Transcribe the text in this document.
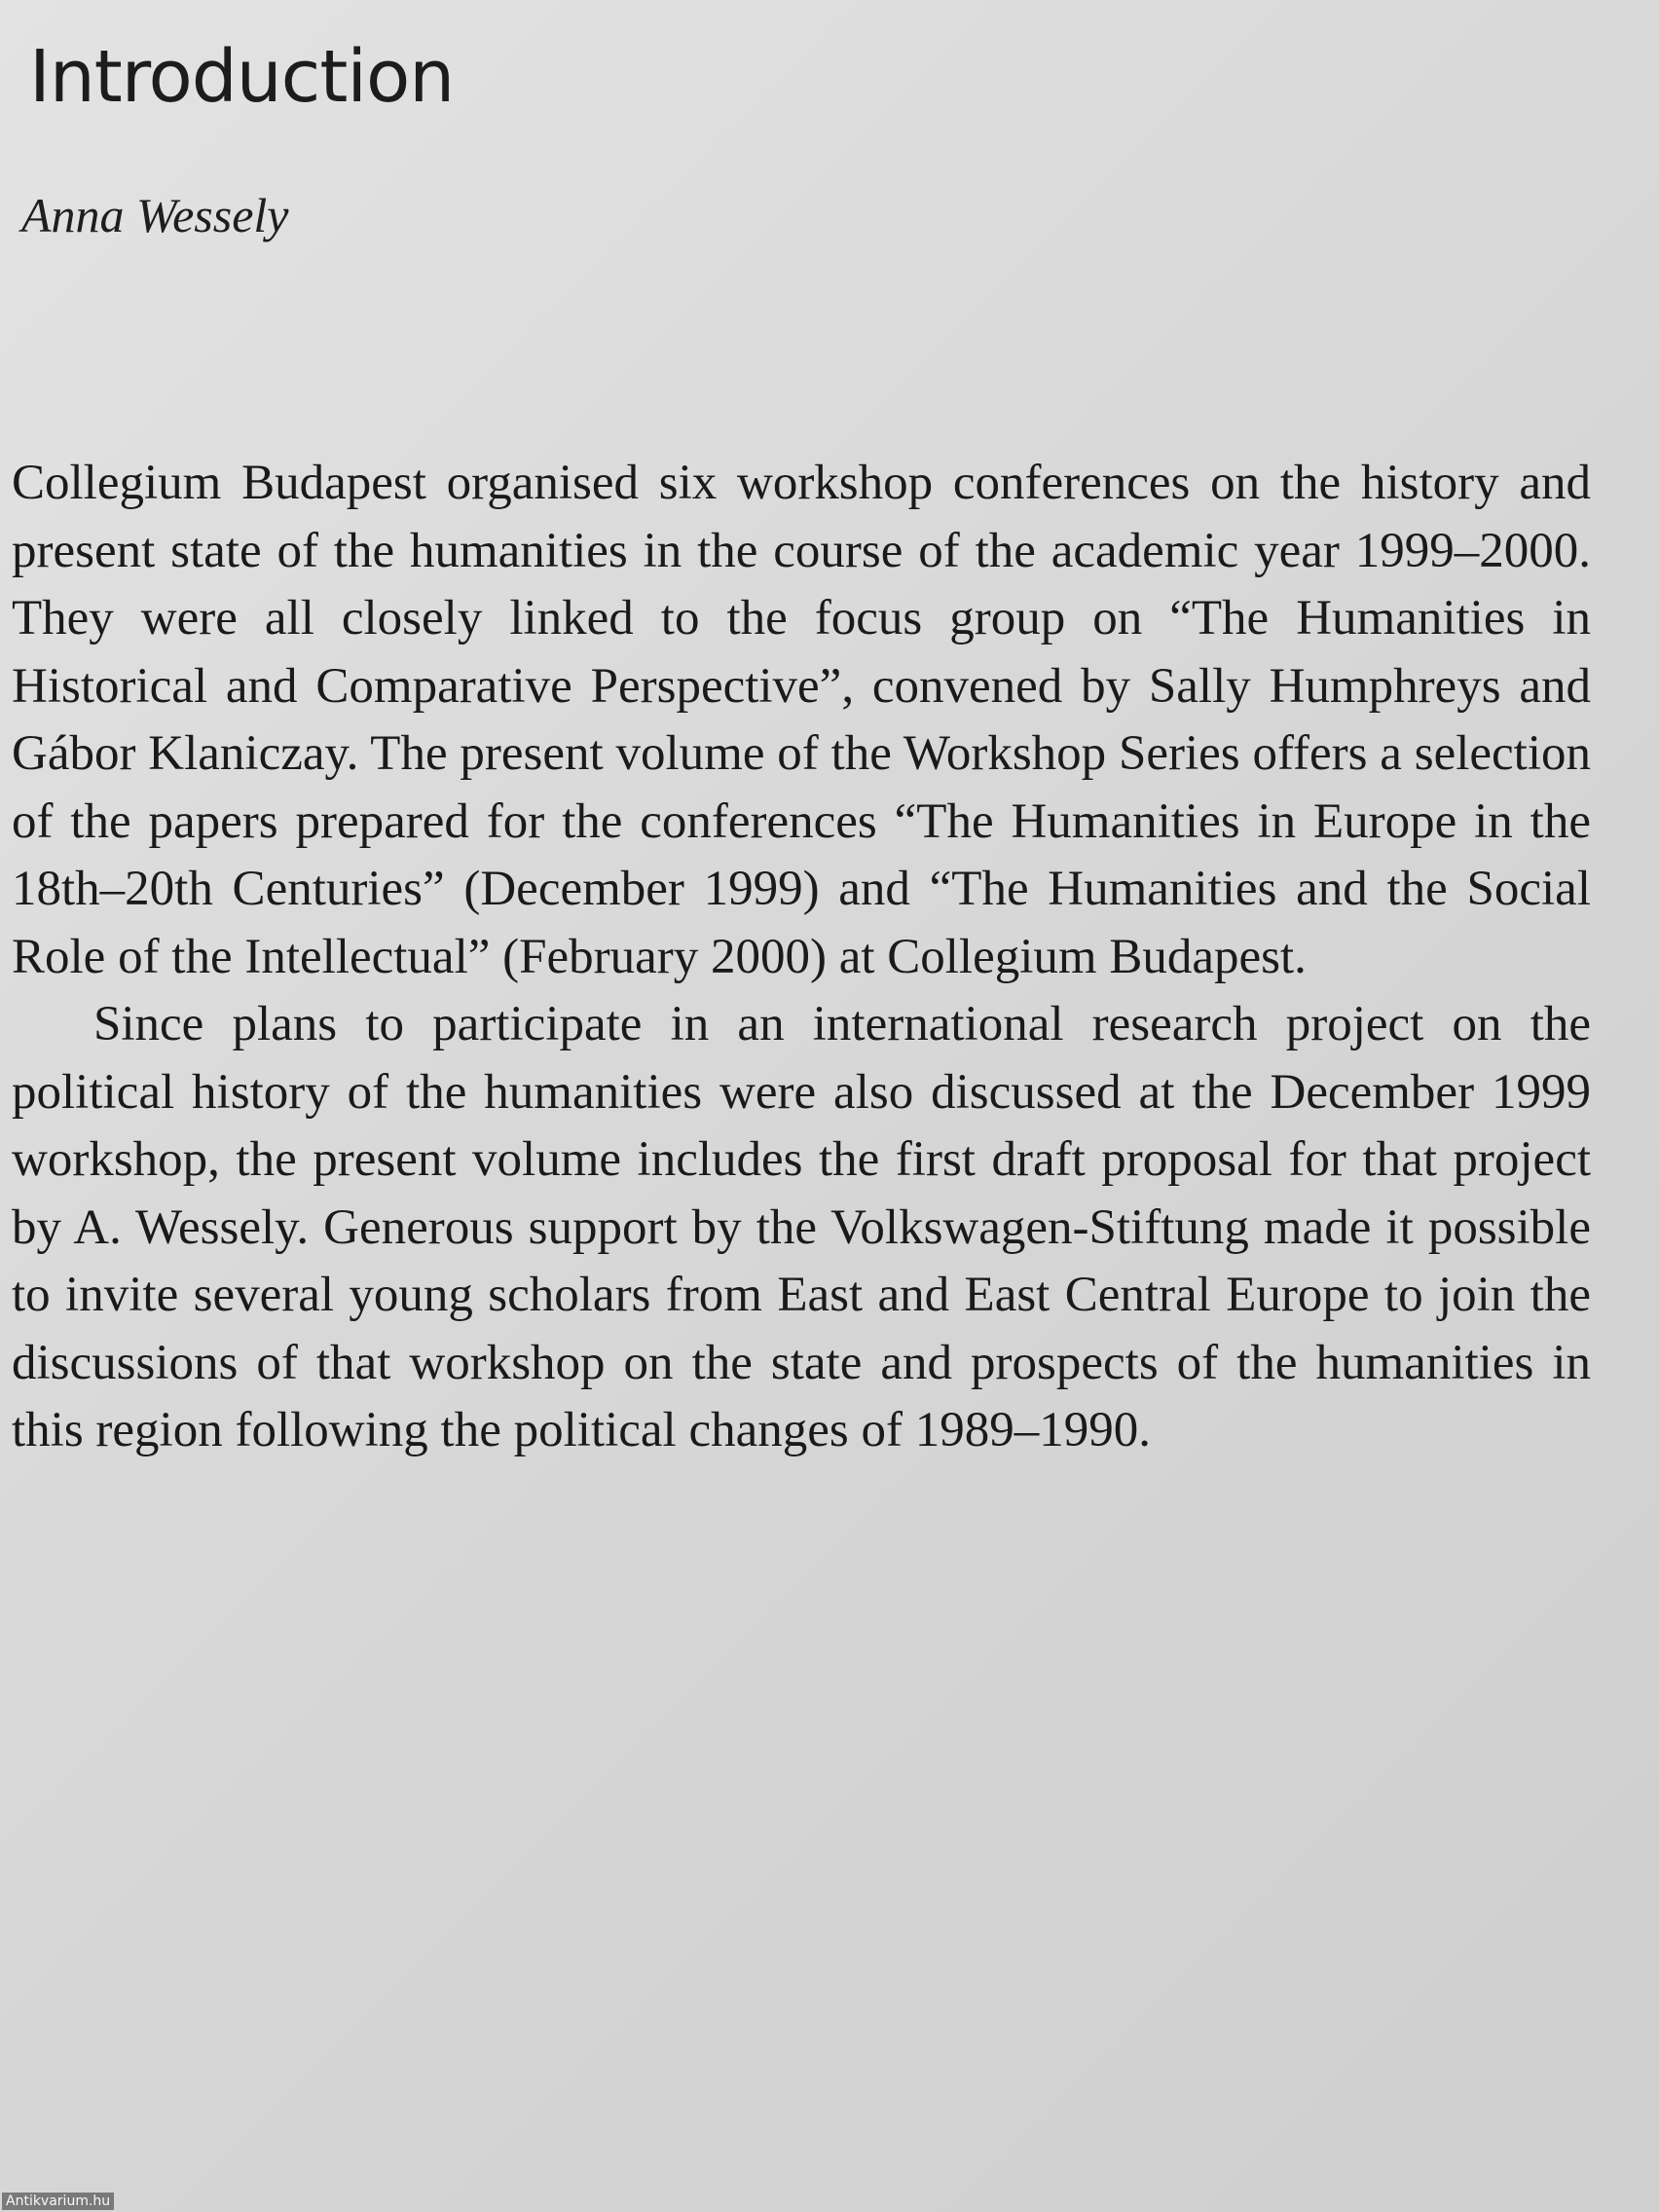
Introduction

Anna Wessely

Collegium Budapest organised six workshop conferences on the history and present state of the humanities in the course of the academic year 1999–2000. They were all closely linked to the focus group on “The Humanities in Historical and Comparative Perspective”, convened by Sally Humphreys and Gábor Klaniczay. The present volume of the Workshop Series offers a selection of the papers prepared for the conferences “The Humanities in Europe in the 18th–20th Centuries” (December 1999) and “The Humanities and the Social Role of the Intellectual” (February 2000) at Collegium Budapest.

Since plans to participate in an international research project on the political history of the humanities were also discussed at the December 1999 workshop, the present volume includes the first draft proposal for that project by A. Wessely. Generous support by the Volkswagen-Stiftung made it possible to invite several young scholars from East and East Central Europe to join the discussions of that workshop on the state and prospects of the humanities in this region following the political changes of 1989–1990.

Antikvarium.hu
